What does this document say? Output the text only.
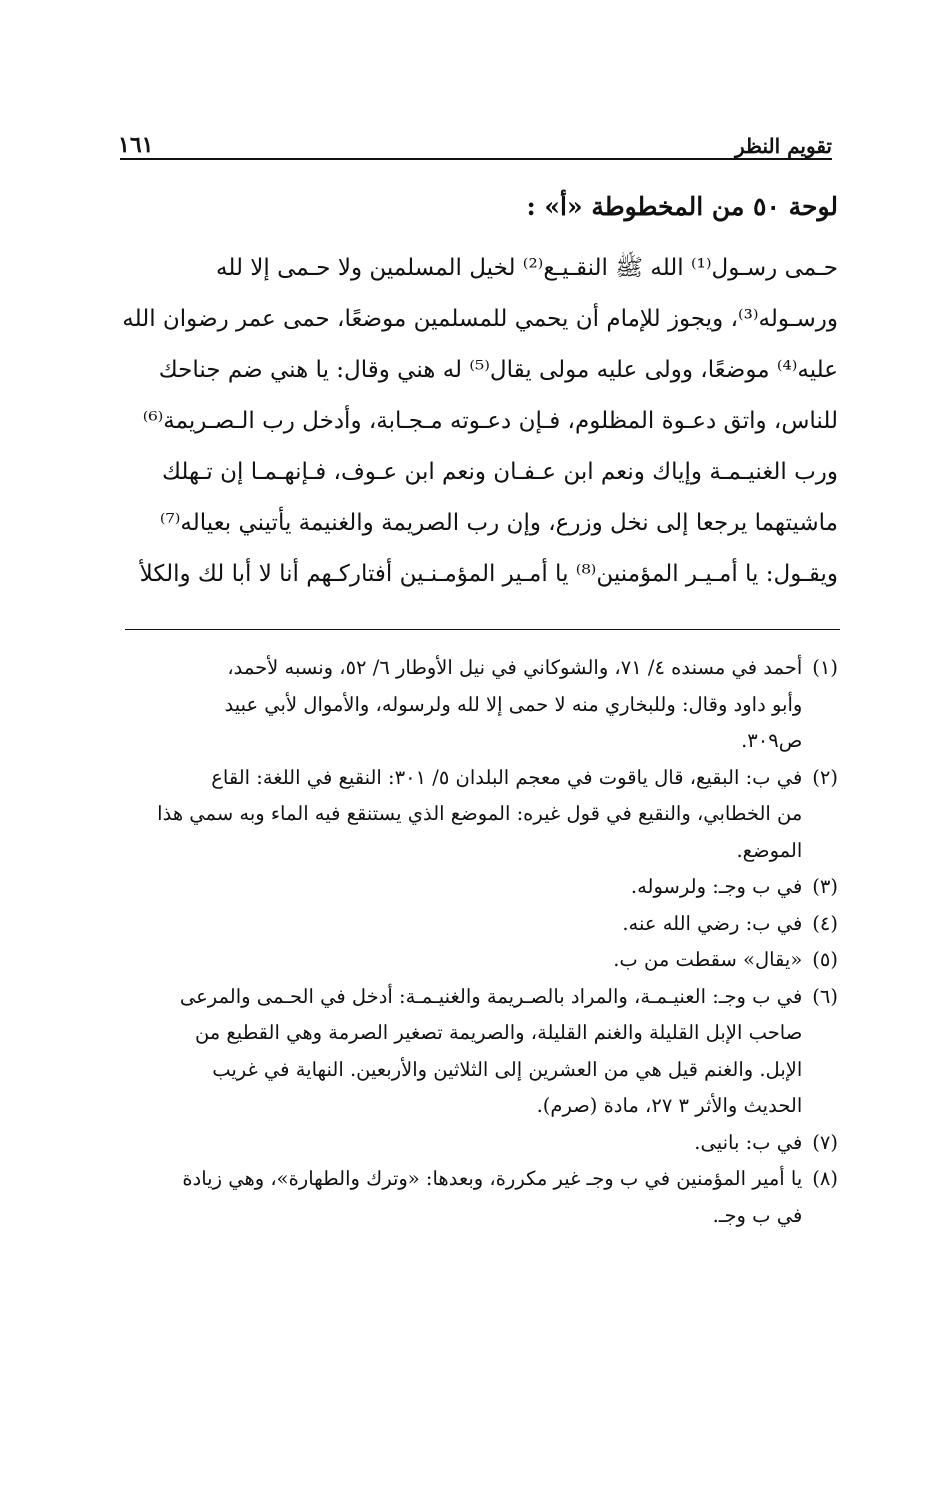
تقويم النظر
١٦١
لوحة ٥٠ من المخطوطة «أ» :

حـمى رسـول⁽¹⁾ الله ﷺ النقـيـع⁽²⁾ لخيل المسلمين ولا حـمى إلا لله
ورسـوله⁽³⁾، ويجوز للإمام أن يحمي للمسلمين موضعًا، حمى عمر رضوان الله
عليه⁽⁴⁾ موضعًا، وولى عليه مولى يقال⁽⁵⁾ له هني وقال: يا هني ضم جناحك
للناس، واتق دعـوة المظلوم، فـإن دعـوته مـجـابة، وأدخل رب الـصـريمة⁽⁶⁾
ورب الغنيـمـة وإياك ونعم ابن عـفـان ونعم ابن عـوف، فـإنهـمـا إن تـهلك
ماشيتهما يرجعا إلى نخل وزرع، وإن رب الصريمة والغنيمة يأتيني بعياله⁽⁷⁾
ويقـول: يا أمـيـر المؤمنين⁽⁸⁾ يا أمـير المؤمـنـين أفتاركـهم أنا لا أبا لك والكلأ

(١)
أحمد في مسنده ٤/ ٧١، والشوكاني في نيل الأوطار ٦/ ٥٢، ونسبه لأحمد،
وأبو داود وقال: وللبخاري منه لا حمى إلا لله ولرسوله، والأموال لأبي عبيد
ص٣٠٩.
(٢)
في ب: البقيع، قال ياقوت في معجم البلدان ٥/ ٣٠١: النقيع في اللغة: القاع
من الخطابي، والنقيع في قول غيره: الموضع الذي يستنقع فيه الماء وبه سمي هذا
الموضع.
(٣)
في ب وجـ: ولرسوله.
(٤)
في ب: رضي الله عنه.
(٥)
«يقال» سقطت من ب.
(٦)
في ب وجـ: العنيـمـة، والمراد بالصـريمة والغنيـمـة: أدخل في الحـمى والمرعى
صاحب الإبل القليلة والغنم القليلة، والصريمة تصغير الصرمة وهي القطيع من
الإبل. والغنم قيل هي من العشرين إلى الثلاثين والأربعين. النهاية في غريب
الحديث والأثر ٣ ٢٧، مادة (صرم).
(٧)
في ب: بانيى.
(٨)
يا أمير المؤمنين في ب وجـ غير مكررة، وبعدها: «وترك والطهارة»، وهي زيادة
في ب وجـ.
